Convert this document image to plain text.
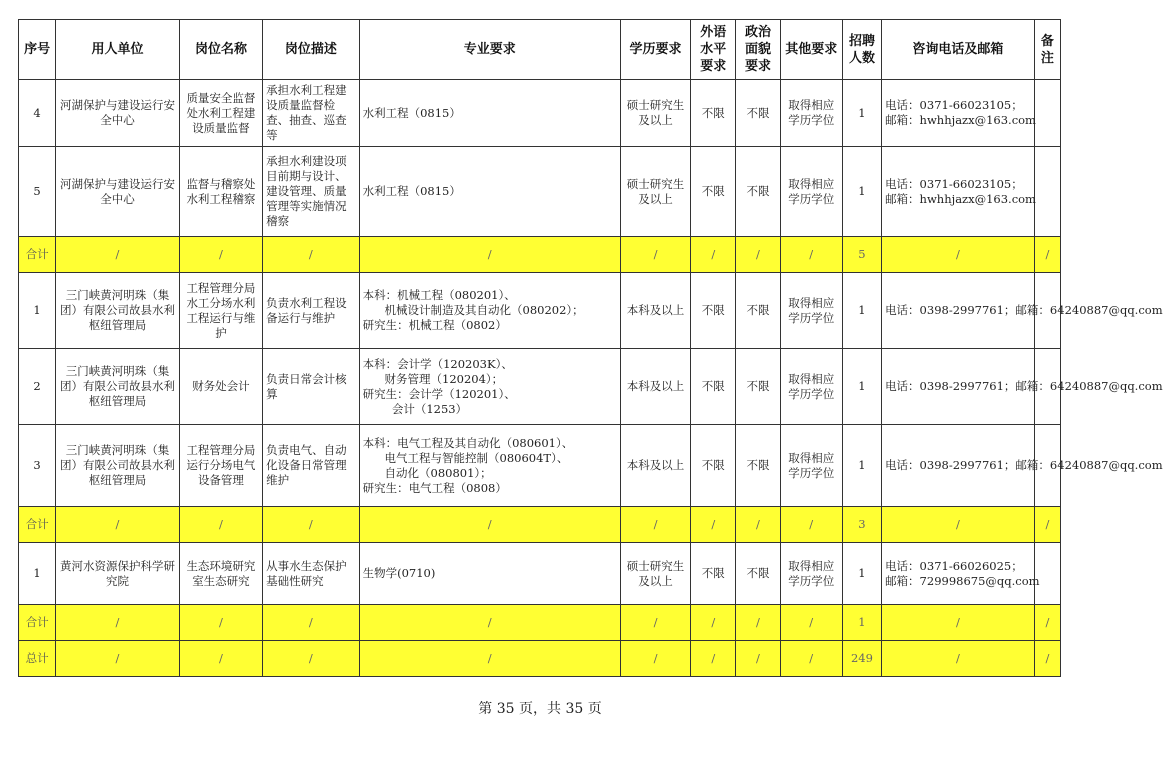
序号	用人单位	岗位名称	岗位描述	专业要求	学历要求	外语水平要求	政治面貌要求	其他要求	招聘人数	咨询电话及邮箱	备注
4	河湖保护与建设运行安全中心	质量安全监督处水利工程建设质量监督	承担水利工程建设质量监督检查、抽查、巡查等	水利工程（0815）	硕士研究生及以上	不限	不限	取得相应学历学位	1	电话：0371-66023105；
邮箱：hwhhjazx@163.com	
5	河湖保护与建设运行安全中心	监督与稽察处水利工程稽察	承担水利建设项目前期与设计、建设管理、质量管理等实施情况稽察	水利工程（0815）	硕士研究生及以上	不限	不限	取得相应学历学位	1	电话：0371-66023105；
邮箱：hwhhjazx@163.com	
合计	/	/	/	/	/	/	/	/	5	/	/
1	三门峡黄河明珠（集团）有限公司故县水利枢纽管理局	工程管理分局水工分场水利工程运行与维护	负责水利工程设备运行与维护	本科：机械工程（080201）、
机械设计制造及其自动化（080202）；
研究生：机械工程（0802）	本科及以上	不限	不限	取得相应学历学位	1	电话：0398-2997761；邮箱：64240887@qq.com	
2	三门峡黄河明珠（集团）有限公司故县水利枢纽管理局	财务处会计	负责日常会计核算	本科：会计学（120203K）、
财务管理（120204）；
研究生：会计学（120201）、
会计（1253）	本科及以上	不限	不限	取得相应学历学位	1	电话：0398-2997761；邮箱：64240887@qq.com	
3	三门峡黄河明珠（集团）有限公司故县水利枢纽管理局	工程管理分局运行分场电气设备管理	负责电气、自动化设备日常管理维护	本科：电气工程及其自动化（080601）、
电气工程与智能控制（080604T）、
自动化（080801）；
研究生：电气工程（0808）	本科及以上	不限	不限	取得相应学历学位	1	电话：0398-2997761；邮箱：64240887@qq.com	
合计	/	/	/	/	/	/	/	/	3	/	/
1	黄河水资源保护科学研究院	生态环境研究室生态研究	从事水生态保护基础性研究	生物学(0710)	硕士研究生及以上	不限	不限	取得相应学历学位	1	电话：0371-66026025；
邮箱：729998675@qq.com	
合计	/	/	/	/	/	/	/	/	1	/	/
总计	/	/	/	/	/	/	/	/	249	/	/
第 35 页，共 35 页
